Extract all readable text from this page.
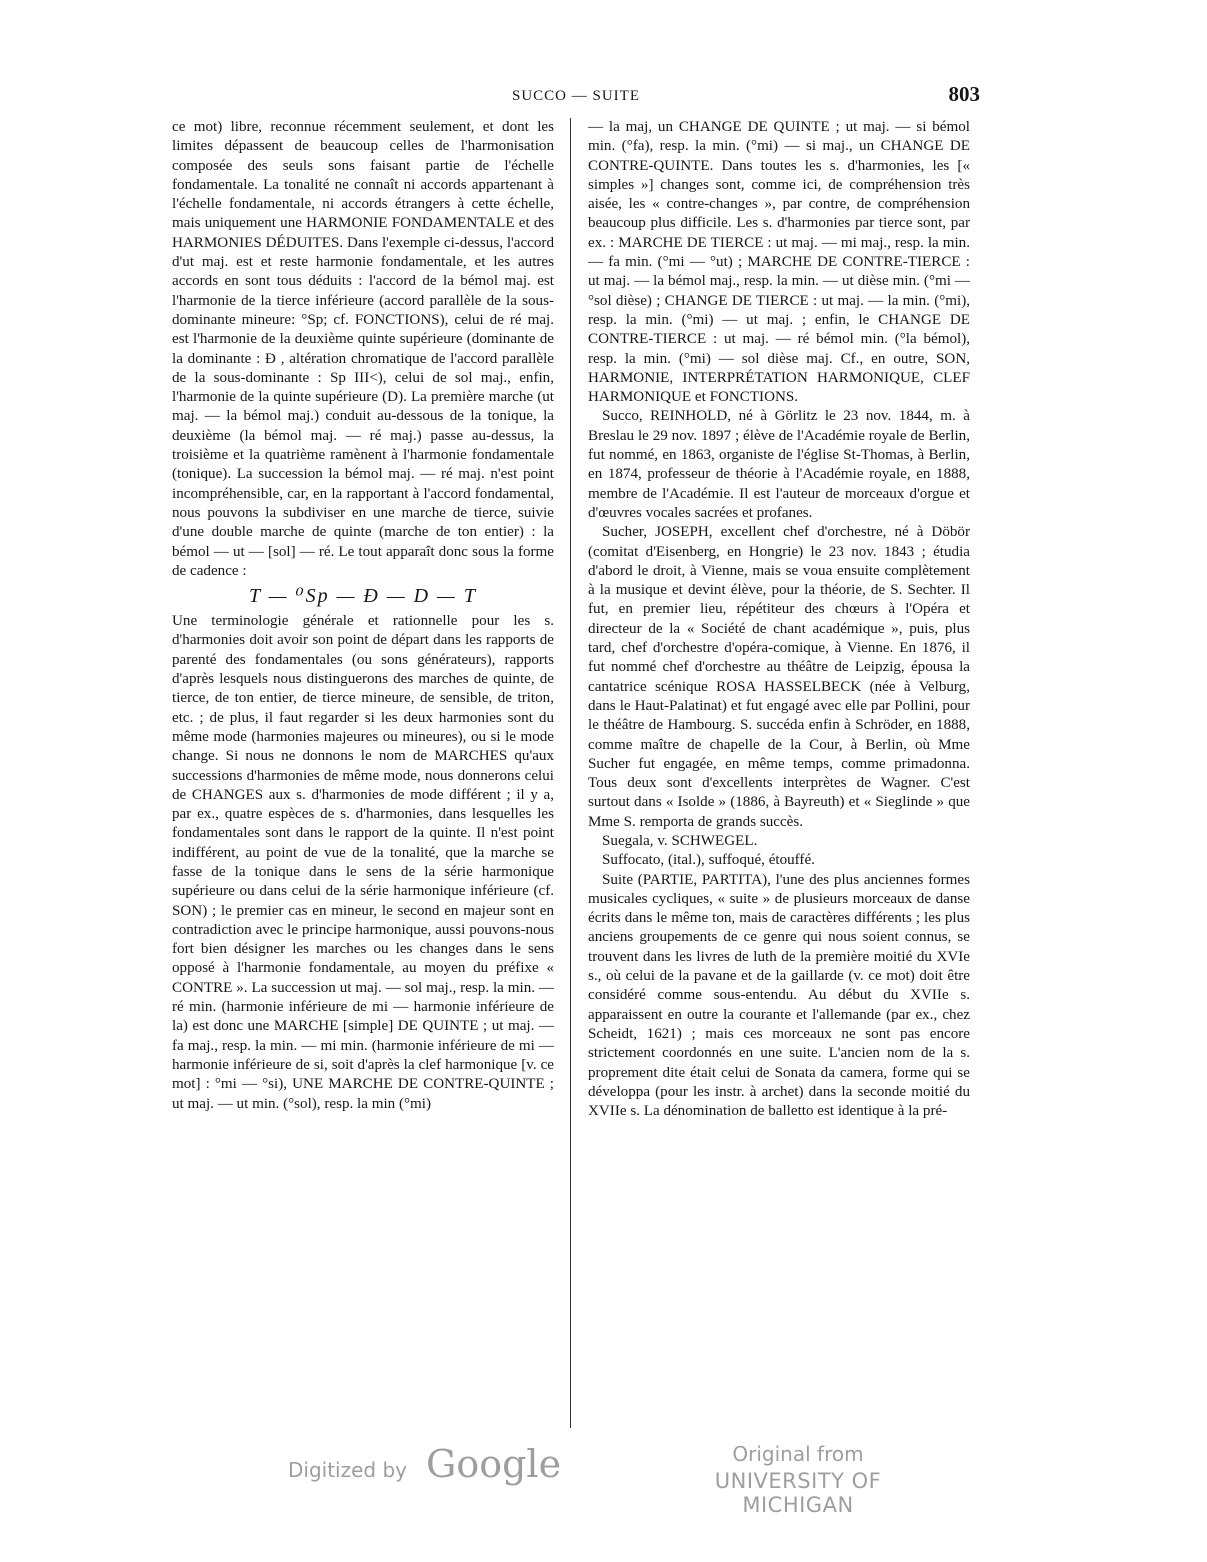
SUCCO — SUITE	803

ce mot) libre, reconnue récemment seulement, et dont les limites dépassent de beaucoup celles de l'harmonisation composée des seuls sons faisant partie de l'échelle fondamentale. La tonalité ne connaît ni accords appartenant à l'échelle fondamentale, ni accords étrangers à cette échelle, mais uniquement une HARMONIE FONDAMENTALE et des HARMONIES DÉDUITES. Dans l'exemple ci-dessus, l'accord d'ut maj. est et reste harmonie fondamentale, et les autres accords en sont tous déduits : l'accord de la bémol maj. est l'harmonie de la tierce inférieure (accord parallèle de la sous-dominante mineure: °Sp; cf. FONCTIONS), celui de ré maj. est l'harmonie de la deuxième quinte supérieure (dominante de la dominante : Đ , altération chromatique de l'accord parallèle de la sous-dominante : Sp III<), celui de sol maj., enfin, l'harmonie de la quinte supérieure (D). La première marche (ut maj. — la bémol maj.) conduit au-dessous de la tonique, la deuxième (la bémol maj. — ré maj.) passe au-dessus, la troisième et la quatrième ramènent à l'harmonie fondamentale (tonique). La succession la bémol maj. — ré maj. n'est point incompréhensible, car, en la rapportant à l'accord fondamental, nous pouvons la subdiviser en une marche de tierce, suivie d'une double marche de quinte (marche de ton entier) : la bémol — ut — [sol] — ré. Le tout apparaît donc sous la forme de cadence :

T — ⁰Sp — Đ — D — T

Une terminologie générale et rationnelle pour les s. d'harmonies doit avoir son point de départ dans les rapports de parenté des fondamentales (ou sons générateurs), rapports d'après lesquels nous distinguerons des marches de quinte, de tierce, de ton entier, de tierce mineure, de sensible, de triton, etc. ; de plus, il faut regarder si les deux harmonies sont du même mode (harmonies majeures ou mineures), ou si le mode change. Si nous ne donnons le nom de MARCHES qu'aux successions d'harmonies de même mode, nous donnerons celui de CHANGES aux s. d'harmonies de mode différent ; il y a, par ex., quatre espèces de s. d'harmonies, dans lesquelles les fondamentales sont dans le rapport de la quinte. Il n'est point indifférent, au point de vue de la tonalité, que la marche se fasse de la tonique dans le sens de la série harmonique supérieure ou dans celui de la série harmonique inférieure (cf. SON) ; le premier cas en mineur, le second en majeur sont en contradiction avec le principe harmonique, aussi pouvons-nous fort bien désigner les marches ou les changes dans le sens opposé à l'harmonie fondamentale, au moyen du préfixe « CONTRE ». La succession ut maj. — sol maj., resp. la min. — ré min. (harmonie inférieure de mi — harmonie inférieure de la) est donc une MARCHE [simple] DE QUINTE ; ut maj. — fa maj., resp. la min. — mi min. (harmonie inférieure de mi — harmonie inférieure de si, soit d'après la clef harmonique [v. ce mot] : °mi — °si), UNE MARCHE DE CONTRE-QUINTE ; ut maj. — ut min. (°sol), resp. la min (°mi)

— la maj, un CHANGE DE QUINTE ; ut maj. — si bémol min. (°fa), resp. la min. (°mi) — si maj., un CHANGE DE CONTRE-QUINTE. Dans toutes les s. d'harmonies, les [« simples »] changes sont, comme ici, de compréhension très aisée, les « contre-changes », par contre, de compréhension beaucoup plus difficile. Les s. d'harmonies par tierce sont, par ex. : MARCHE DE TIERCE : ut maj. — mi maj., resp. la min. — fa min. (°mi — °ut) ; MARCHE DE CONTRE-TIERCE : ut maj. — la bémol maj., resp. la min. — ut dièse min. (°mi — °sol dièse) ; CHANGE DE TIERCE : ut maj. — la min. (°mi), resp. la min. (°mi) — ut maj. ; enfin, le CHANGE DE CONTRE-TIERCE : ut maj. — ré bémol min. (°la bémol), resp. la min. (°mi) — sol dièse maj. Cf., en outre, SON, HARMONIE, INTERPRÉTATION HARMONIQUE, CLEF HARMONIQUE et FONCTIONS.

Succo, REINHOLD, né à Görlitz le 23 nov. 1844, m. à Breslau le 29 nov. 1897 ; élève de l'Académie royale de Berlin, fut nommé, en 1863, organiste de l'église St-Thomas, à Berlin, en 1874, professeur de théorie à l'Académie royale, en 1888, membre de l'Académie. Il est l'auteur de morceaux d'orgue et d'œuvres vocales sacrées et profanes.

Sucher, JOSEPH, excellent chef d'orchestre, né à Döbör (comitat d'Eisenberg, en Hongrie) le 23 nov. 1843 ; étudia d'abord le droit, à Vienne, mais se voua ensuite complètement à la musique et devint élève, pour la théorie, de S. Sechter. Il fut, en premier lieu, répétiteur des chœurs à l'Opéra et directeur de la « Société de chant académique », puis, plus tard, chef d'orchestre d'opéra-comique, à Vienne. En 1876, il fut nommé chef d'orchestre au théâtre de Leipzig, épousa la cantatrice scénique ROSA HASSELBECK (née à Velburg, dans le Haut-Palatinat) et fut engagé avec elle par Pollini, pour le théâtre de Hambourg. S. succéda enfin à Schröder, en 1888, comme maître de chapelle de la Cour, à Berlin, où Mme Sucher fut engagée, en même temps, comme primadonna. Tous deux sont d'excellents interprètes de Wagner. C'est surtout dans « Isolde » (1886, à Bayreuth) et « Sieglinde » que Mme S. remporta de grands succès.

Suegala, v. SCHWEGEL.

Suffocato, (ital.), suffoqué, étouffé.

Suite (PARTIE, PARTITA), l'une des plus anciennes formes musicales cycliques, « suite » de plusieurs morceaux de danse écrits dans le même ton, mais de caractères différents ; les plus anciens groupements de ce genre qui nous soient connus, se trouvent dans les livres de luth de la première moitié du XVIe s., où celui de la pavane et de la gaillarde (v. ce mot) doit être considéré comme sous-entendu. Au début du XVIIe s. apparaissent en outre la courante et l'allemande (par ex., chez Scheidt, 1621) ; mais ces morceaux ne sont pas encore strictement coordonnés en une suite. L'ancien nom de la s. proprement dite était celui de Sonata da camera, forme qui se développa (pour les instr. à archet) dans la seconde moitié du XVIIe s. La dénomination de balletto est identique à la pré-

Digitized by Google	Original from
UNIVERSITY OF MICHIGAN
